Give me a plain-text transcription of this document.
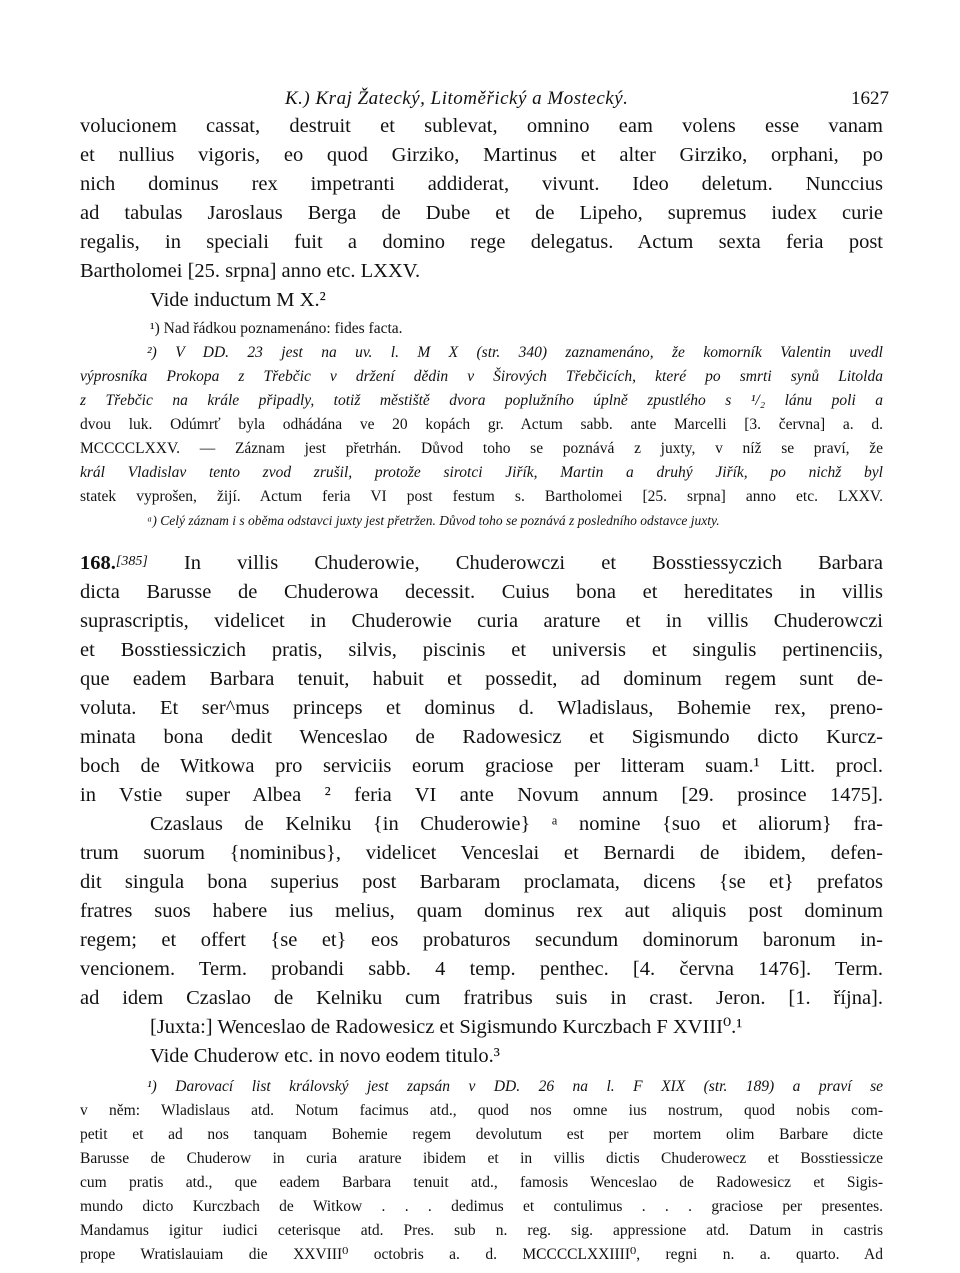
K.) Kraj Žatecký, Litoměřický a Mostecký.	1627

volucionem cassat, destruit et sublevat, omnino eam volens esse vanam
et nullius vigoris, eo quod Girziko, Martinus et alter Girziko, orphani, po
nich dominus rex impetranti addiderat, vivunt. Ideo deletum. Nunccius
ad tabulas Jaroslaus Berga de Dube et de Lipeho, supremus iudex curie
regalis, in speciali fuit a domino rege delegatus. Actum sexta feria post
Bartholomei [25. srpna] anno etc. LXXV.
Vide inductum M X.²

¹) Nad řádkou poznamenáno: fides facta.
²) V DD. 23 jest na uv. l. M X (str. 340) zaznamenáno, že komorník Valentin uvedl
výprosníka Prokopa z Třebčic v držení dědin v Širových Třebčicích, které po smrti synů Litolda
z Třebčic na krále připadly, totiž městiště dvora poplužního úplně zpustlého s ¹/₂ lánu poli a
dvou luk. Odúmrť byla odhádána ve 20 kopách gr. Actum sabb. ante Marcelli [3. června] a. d.
MCCCCLXXV. — Záznam jest přetrhán. Důvod toho se poznává z juxty, v níž se praví, že
král Vladislav tento zvod zrušil, protože sirotci Jiřík, Martin a druhý Jiřík, po nichž byl
statek vyprošen, žijí. Actum feria VI post festum s. Bartholomei [25. srpna] anno etc. LXXV.
ᵃ) Celý záznam i s oběma odstavci juxty jest přetržen. Důvod toho se poznává z posledního odstavce juxty.

168.[385] In villis Chuderowie, Chuderowczi et Bosstiessyczich Barbara
dicta Barusse de Chuderowa decessit. Cuius bona et hereditates in villis
suprascriptis, videlicet in Chuderowie curia arature et in villis Chuderowczi
et Bosstiessiczich pratis, silvis, piscinis et universis et singulis pertinenciis,
que eadem Barbara tenuit, habuit et possedit, ad dominum regem sunt de-
voluta. Et ser^mus princeps et dominus d. Wladislaus, Bohemie rex, preno-
minata bona dedit Wenceslao de Radowesicz et Sigismundo dicto Kurcz-
boch de Witkowa pro serviciis eorum graciose per litteram suam.¹ Litt. procl.
in Vstie super Albea ² feria VI ante Novum annum [29. prosince 1475].
Czaslaus de Kelniku {in Chuderowie} ᵃ nomine {suo et aliorum} fra-
trum suorum {nominibus}, videlicet Venceslai et Bernardi de ibidem, defen-
dit singula bona superius post Barbaram proclamata, dicens {se et} prefatos
fratres suos habere ius melius, quam dominus rex aut aliquis post dominum
regem; et offert {se et} eos probaturos secundum dominorum baronum in-
vencionem. Term. probandi sabb. 4 temp. penthec. [4. června 1476]. Term.
ad idem Czaslao de Kelniku cum fratribus suis in crast. Jeron. [1. října].
[Juxta:] Wenceslao de Radowesicz et Sigismundo Kurczbach F XVIII⁰.¹
Vide Chuderow etc. in novo eodem titulo.³

¹) Darovací list královský jest zapsán v DD. 26 na l. F XIX (str. 189) a praví se
v něm: Wladislaus atd. Notum facimus atd., quod nos omne ius nostrum, quod nobis com-
petit et ad nos tanquam Bohemie regem devolutum est per mortem olim Barbare dicte
Barusse de Chuderow in curia arature ibidem et in villis dictis Chuderowecz et Bosstiessicze
cum pratis atd., que eadem Barbara tenuit atd., famosis Wenceslao de Radowesicz et Sigis-
mundo dicto Kurczbach de Witkow . . . dedimus et contulimus . . . graciose per presentes.
Mandamus igitur iudici ceterisque atd. Pres. sub n. reg. sig. appressione atd. Datum in castris
prope Wratislauiam die XXVIII⁰ octobris a. d. MCCCCLXXIIII⁰, regni n. a. quarto. Ad
